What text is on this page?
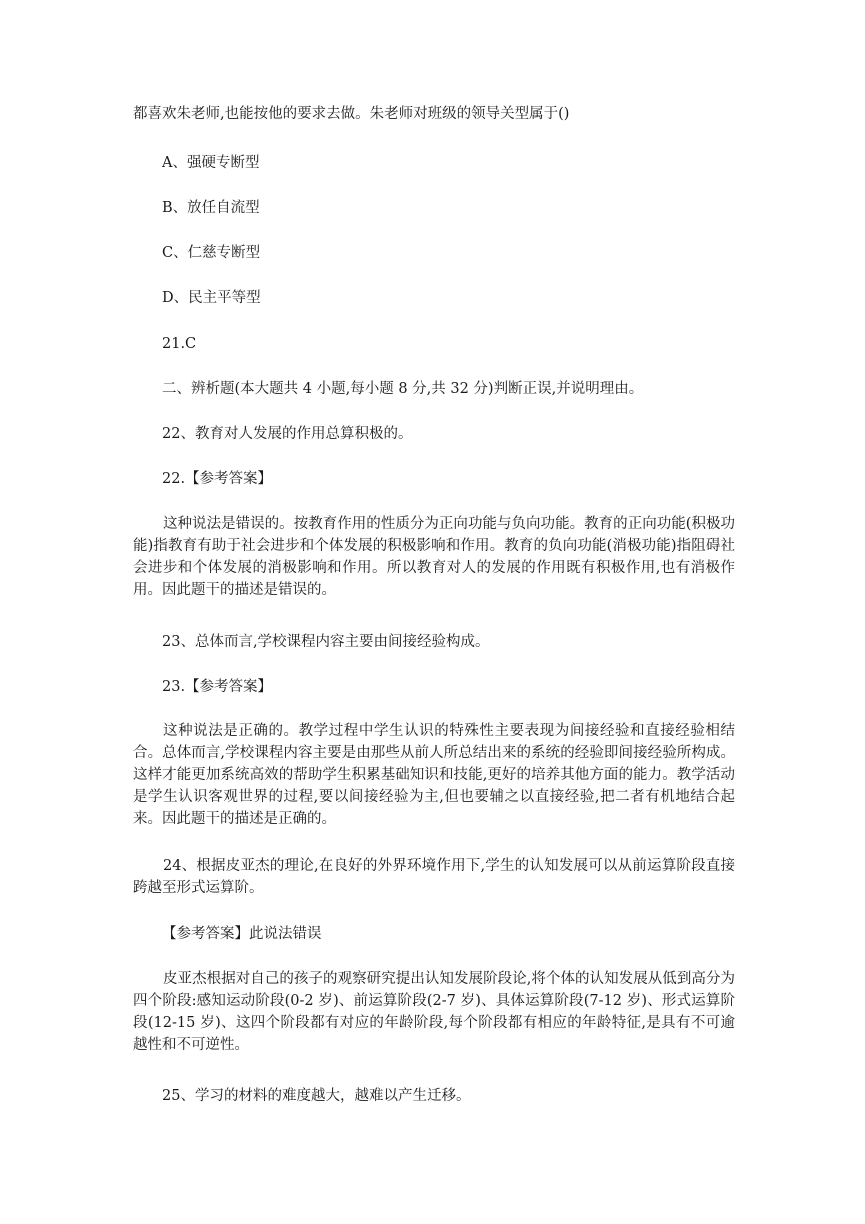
都喜欢朱老师,也能按他的要求去做。朱老师对班级的领导关型属于()
A、强硬专断型
B、放任自流型
C、仁慈专断型
D、民主平等型
21.C
二、辨析题(本大题共 4 小题,每小题 8 分,共 32 分)判断正误,并说明理由。
22、教育对人发展的作用总算积极的。
22.【参考答案】
这种说法是错误的。按教育作用的性质分为正向功能与负向功能。教育的正向功能(积极功能)指教育有助于社会进步和个体发展的积极影响和作用。教育的负向功能(消极功能)指阻碍社会进步和个体发展的消极影响和作用。所以教育对人的发展的作用既有积极作用,也有消极作用。因此题干的描述是错误的。
23、总体而言,学校课程内容主要由间接经验构成。
23.【参考答案】
这种说法是正确的。教学过程中学生认识的特殊性主要表现为间接经验和直接经验相结合。总体而言,学校课程内容主要是由那些从前人所总结出来的系统的经验即间接经验所构成。这样才能更加系统高效的帮助学生积累基础知识和技能,更好的培养其他方面的能力。教学活动是学生认识客观世界的过程,要以间接经验为主,但也要辅之以直接经验,把二者有机地结合起来。因此题干的描述是正确的。
24、根据皮亚杰的理论,在良好的外界环境作用下,学生的认知发展可以从前运算阶段直接跨越至形式运算阶。
【参考答案】此说法错误
皮亚杰根据对自己的孩子的观察研究提出认知发展阶段论,将个体的认知发展从低到高分为四个阶段:感知运动阶段(0-2 岁)、前运算阶段(2-7 岁)、具体运算阶段(7-12 岁)、形式运算阶段(12-15 岁)、这四个阶段都有对应的年龄阶段,每个阶段都有相应的年龄特征,是具有不可逾越性和不可逆性。
25、学习的材料的难度越大，越难以产生迁移。
